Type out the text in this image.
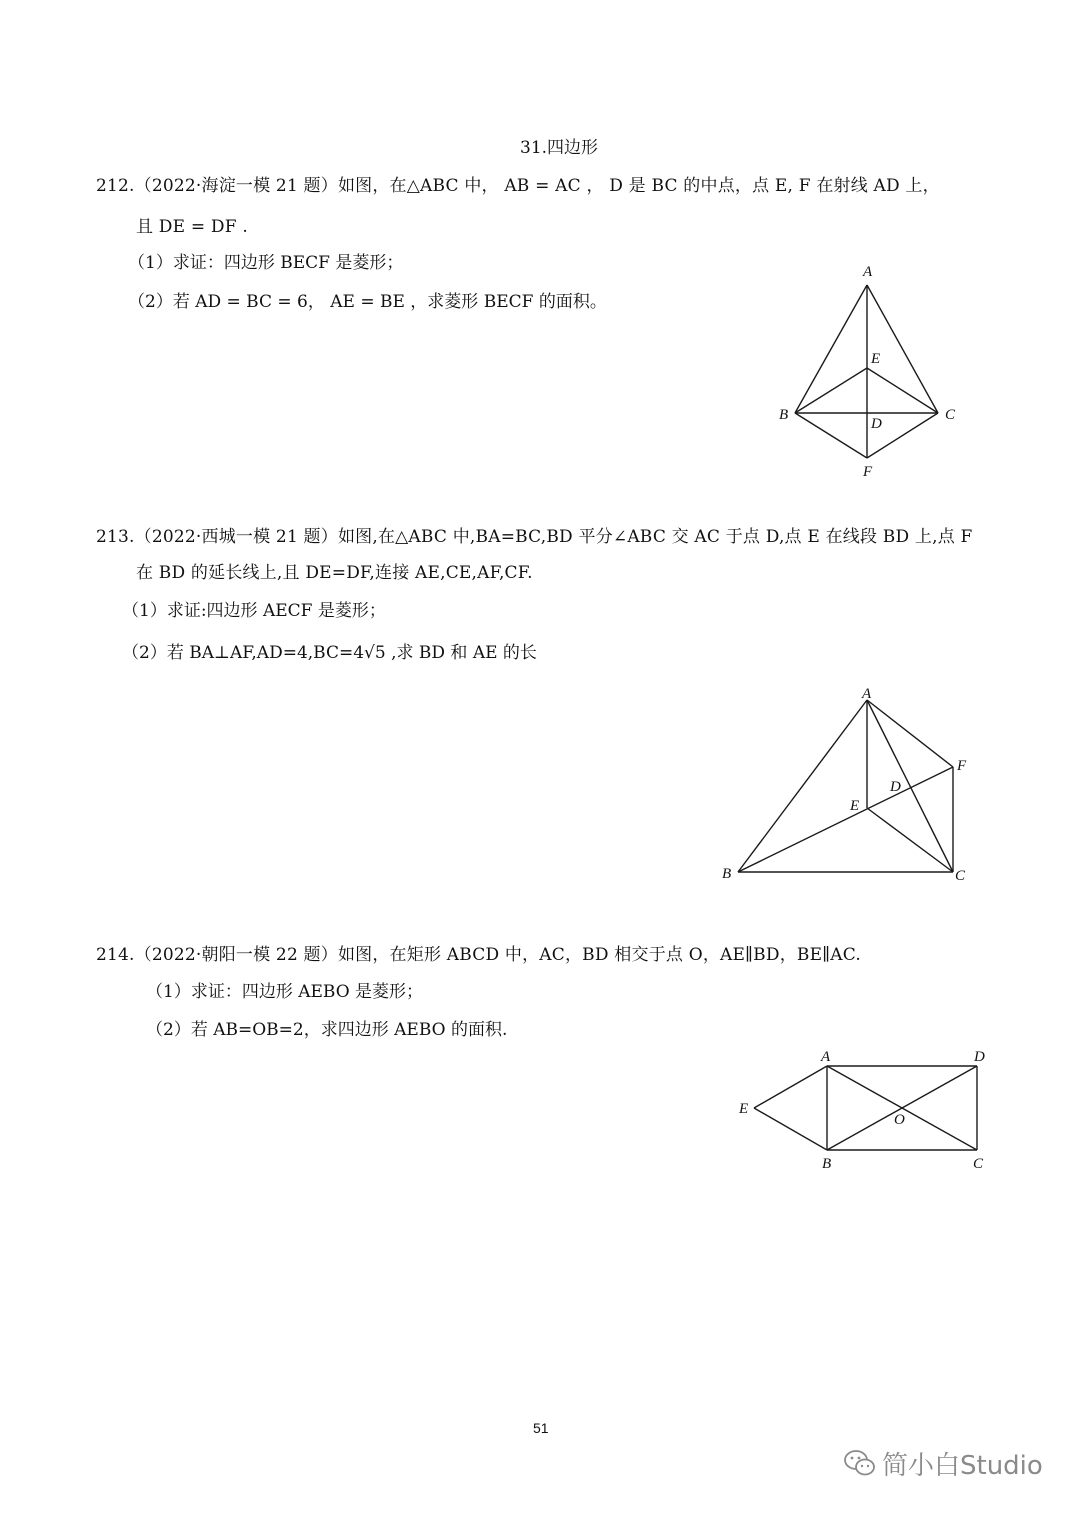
31.四边形
212.（2022·海淀一模 21 题）如图，在△ABC 中， AB = AC ， D 是 BC 的中点，点 E, F 在射线 AD 上，
且 DE = DF .
（1）求证：四边形 BECF 是菱形；
（2）若 AD = BC = 6， AE = BE ，求菱形 BECF 的面积。
A
B	C
D
E
F
213.（2022·西城一模 21 题）如图,在△ABC 中,BA=BC,BD 平分∠ABC 交 AC 于点 D,点 E 在线段 BD 上,点 F
在 BD 的延长线上,且 DE=DF,连接 AE,CE,AF,CF.
（1）求证:四边形 AECF 是菱形；
（2）若 BA⊥AF,AD=4,BC=4√5 ,求 BD 和 AE 的长
A
B	C
D
E
F
214.（2022·朝阳一模 22 题）如图，在矩形 ABCD 中，AC，BD 相交于点 O，AE∥BD，BE∥AC.
（1）求证：四边形 AEBO 是菱形；
（2）若 AB=OB=2，求四边形 AEBO 的面积.
A
B	C
D
E
O
51
简小白Studio
